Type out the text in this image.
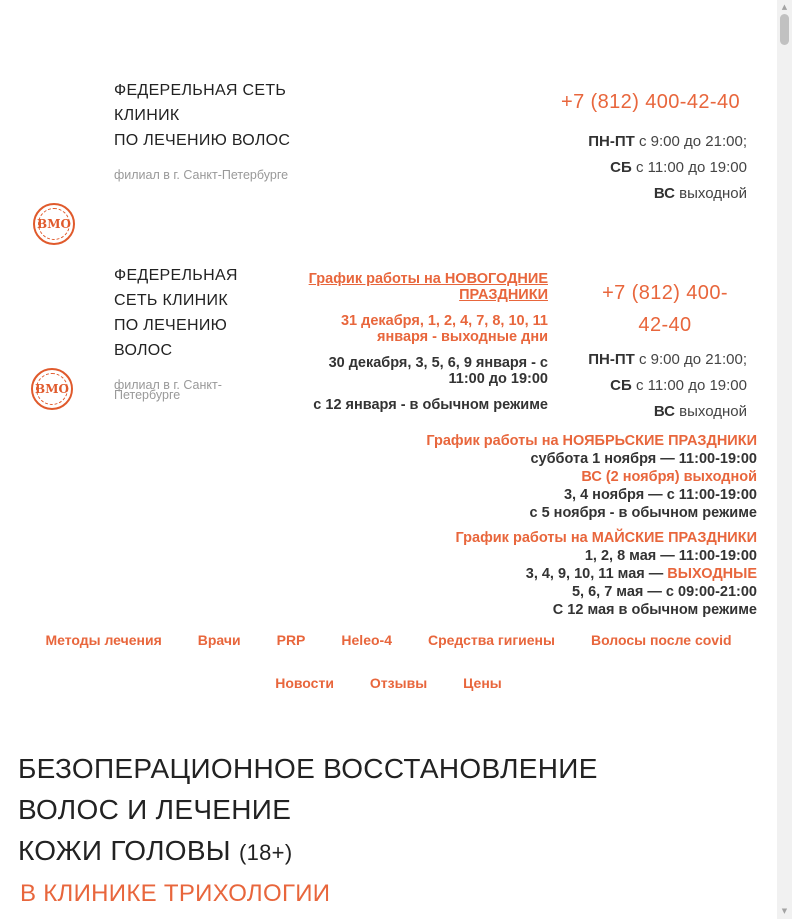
ВМО
ФЕДЕРЕЛЬНАЯ СЕТЬ
КЛИНИК
ПО ЛЕЧЕНИЮ ВОЛОС
филиал в г. Санкт-Петербурге
+7 (812) 400-42-40
ПН-ПТ с 9:00 до 21:00;
СБ с 11:00 до 19:00
ВС выходной
ВМО
ФЕДЕРЕЛЬНАЯ
СЕТЬ КЛИНИК
ПО ЛЕЧЕНИЮ
ВОЛОС
филиал в г. Санкт-
Петербурге
График работы на НОВОГОДНИЕ
ПРАЗДНИКИ
31 декабря, 1, 2, 4, 7, 8, 10, 11
января - выходные дни
30 декабря, 3, 5, 6, 9 января - с
11:00 до 19:00
с 12 января - в обычном режиме
+7 (812) 400-
42-40
ПН-ПТ с 9:00 до 21:00;
СБ с 11:00 до 19:00
ВС выходной
График работы на НОЯБРЬСКИЕ ПРАЗДНИКИ
суббота 1 ноября — 11:00-19:00
ВС (2 ноября) выходной
3, 4 ноября — с 11:00-19:00
с 5 ноября - в обычном режиме
График работы на МАЙСКИЕ ПРАЗДНИКИ
1, 2, 8 мая — 11:00-19:00
3, 4, 9, 10, 11 мая — ВЫХОДНЫЕ
5, 6, 7 мая — с 09:00-21:00
С 12 мая в обычном режиме
Методы лечения	Врачи	PRP	Heleo-4	Средства гигиены	Волосы после covid
Новости	Отзывы	Цены
БЕЗОПЕРАЦИОННОЕ ВОССТАНОВЛЕНИЕ
ВОЛОС И ЛЕЧЕНИЕ
КОЖИ ГОЛОВЫ (18+)
В КЛИНИКЕ ТРИХОЛОГИИ
▲
▼
